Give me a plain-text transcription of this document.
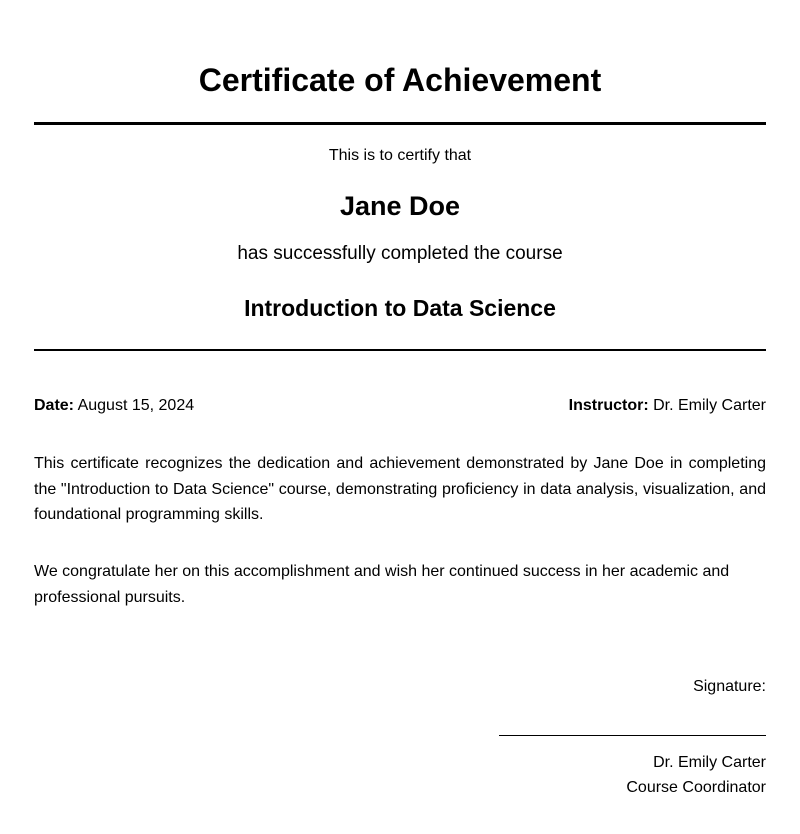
Certificate of Achievement
This is to certify that
Jane Doe
has successfully completed the course
Introduction to Data Science
Date: August 15, 2024	Instructor: Dr. Emily Carter

This certificate recognizes the dedication and achievement demonstrated by Jane Doe in completing the "Introduction to Data Science" course, demonstrating proficiency in data analysis, visualization, and foundational programming skills.

We congratulate her on this accomplishment and wish her continued success in her academic and professional pursuits.

Signature:
Dr. Emily Carter
Course Coordinator
